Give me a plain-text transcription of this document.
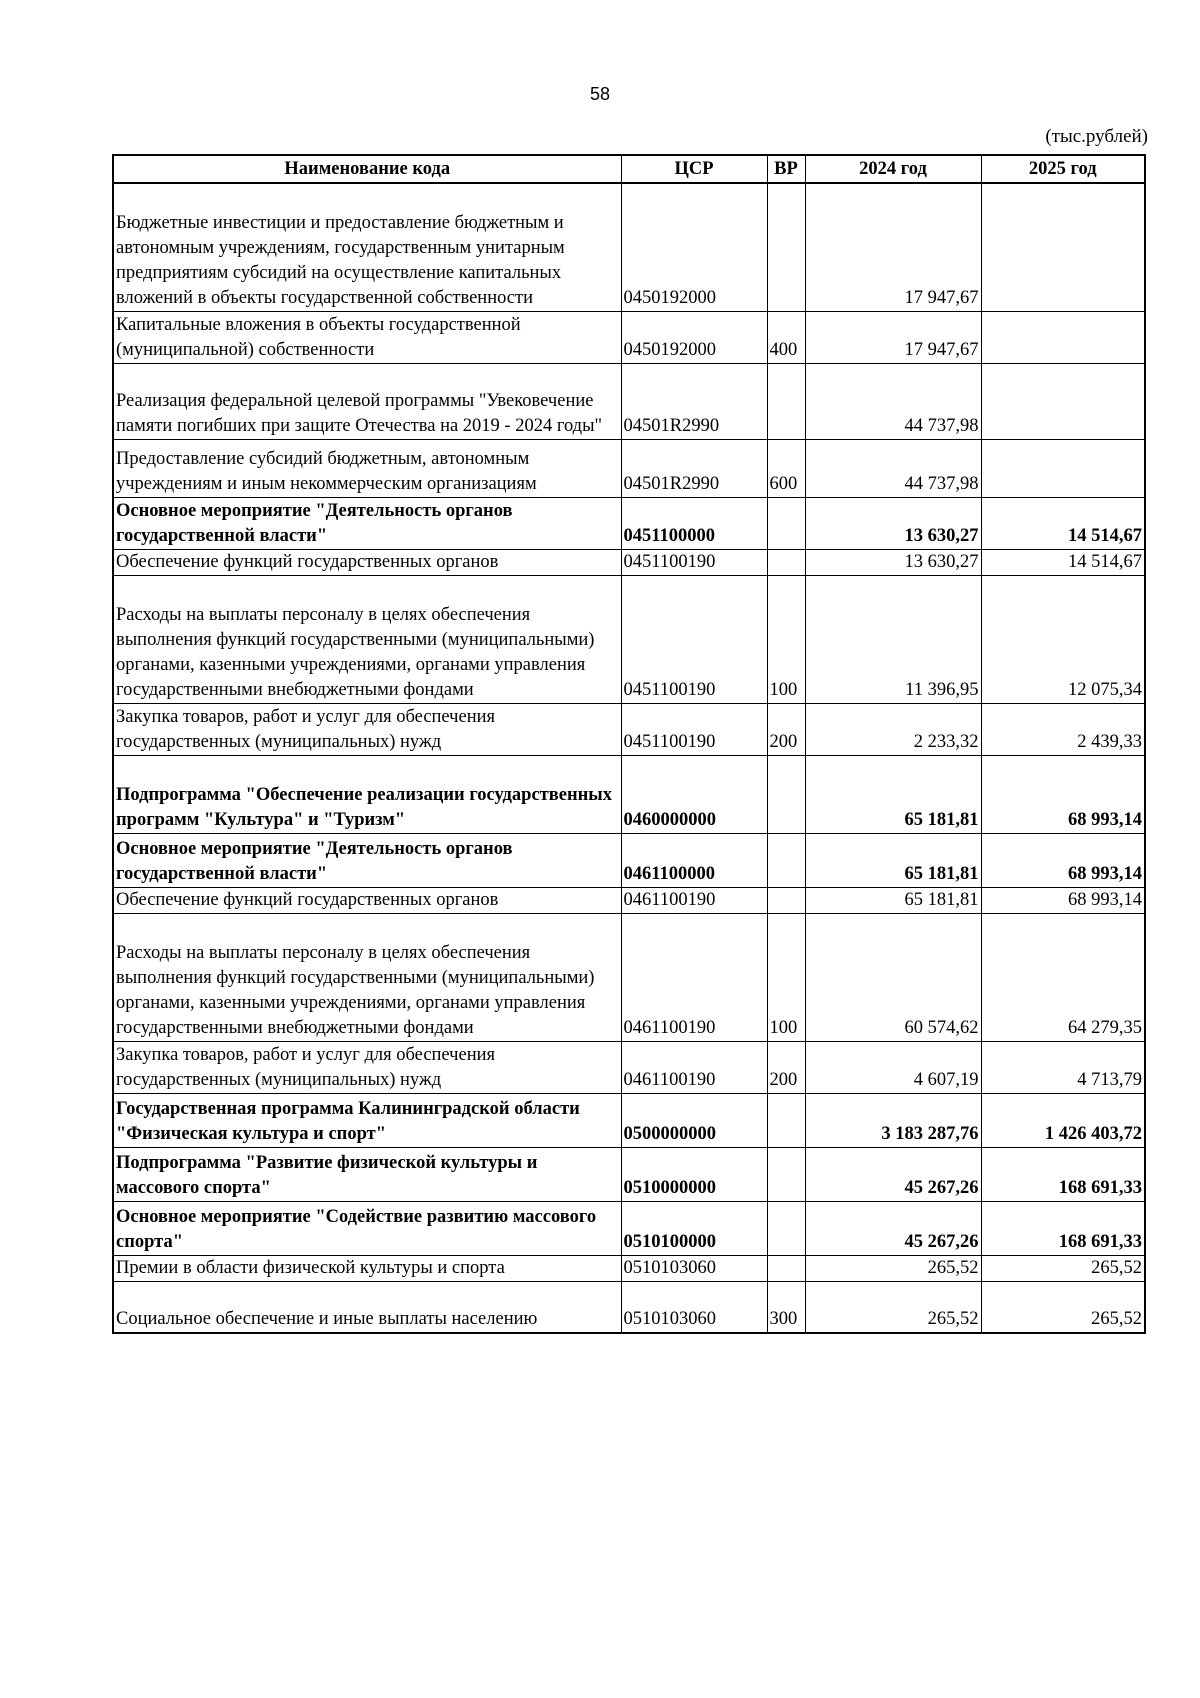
58
(тыс.рублей)
Наименование кода	ЦСР	ВР	2024 год	2025 год
Бюджетные инвестиции и предоставление бюджетным и автономным учреждениям, государственным унитарным предприятиям субсидий на осуществление капитальных вложений в объекты государственной собственности	0450192000		17 947,67	
Капитальные вложения в объекты государственной (муниципальной) собственности	0450192000	400	17 947,67	
Реализация федеральной целевой программы "Увековечение памяти погибших при защите Отечества на 2019 - 2024 годы"	04501R2990		44 737,98	
Предоставление субсидий бюджетным, автономным учреждениям и иным некоммерческим организациям	04501R2990	600	44 737,98	
Основное мероприятие "Деятельность органов государственной власти"	0451100000		13 630,27	14 514,67
Обеспечение функций государственных органов	0451100190		13 630,27	14 514,67
Расходы на выплаты персоналу в целях обеспечения выполнения функций государственными (муниципальными) органами, казенными учреждениями, органами управления государственными внебюджетными фондами	0451100190	100	11 396,95	12 075,34
Закупка товаров, работ и услуг для обеспечения государственных (муниципальных) нужд	0451100190	200	2 233,32	2 439,33
Подпрограмма "Обеспечение реализации государственных программ "Культура" и "Туризм"	0460000000		65 181,81	68 993,14
Основное мероприятие "Деятельность органов государственной власти"	0461100000		65 181,81	68 993,14
Обеспечение функций государственных органов	0461100190		65 181,81	68 993,14
Расходы на выплаты персоналу в целях обеспечения выполнения функций государственными (муниципальными) органами, казенными учреждениями, органами управления государственными внебюджетными фондами	0461100190	100	60 574,62	64 279,35
Закупка товаров, работ и услуг для обеспечения государственных (муниципальных) нужд	0461100190	200	4 607,19	4 713,79
Государственная программа Калининградской области "Физическая культура и спорт"	0500000000		3 183 287,76	1 426 403,72
Подпрограмма "Развитие физической культуры и массового спорта"	0510000000		45 267,26	168 691,33
Основное мероприятие "Содействие развитию массового спорта"	0510100000		45 267,26	168 691,33
Премии в области физической культуры и спорта	0510103060		265,52	265,52
Социальное обеспечение и иные выплаты населению	0510103060	300	265,52	265,52
